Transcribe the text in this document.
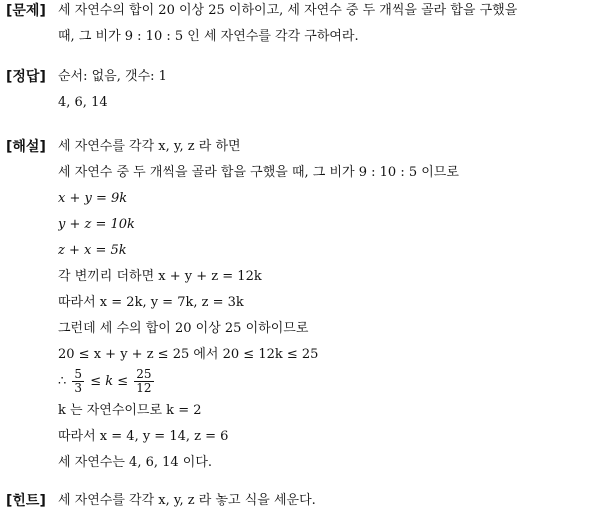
[문제] 세 자연수의 합이 20 이상 25 이하이고, 세 자연수 중 두 개씩을 골라 합을 구했을
때, 그 비가 9 : 10 : 5 인 세 자연수를 각각 구하여라.
[정답] 순서: 없음, 갯수: 1
4, 6, 14
[해설] 세 자연수를 각각 x, y, z 라 하면
세 자연수 중 두 개씩을 골라 합을 구했을 때, 그 비가 9 : 10 : 5 이므로
x + y = 9k
y + z = 10k
z + x = 5k
각 변끼리 더하면 x + y + z = 12k
따라서 x = 2k, y = 7k, z = 3k
그런데 세 수의 합이 20 이상 25 이하이므로
20 ≤ x + y + z ≤ 25 에서 20 ≤ 12k ≤ 25
∴ $\frac{5}{3} \le k \le \frac{25}{12}$
k 는 자연수이므로 k = 2
따라서 x = 4, y = 14, z = 6
세 자연수는 4, 6, 14 이다.
[힌트] 세 자연수를 각각 x, y, z 라 놓고 식을 세운다.
